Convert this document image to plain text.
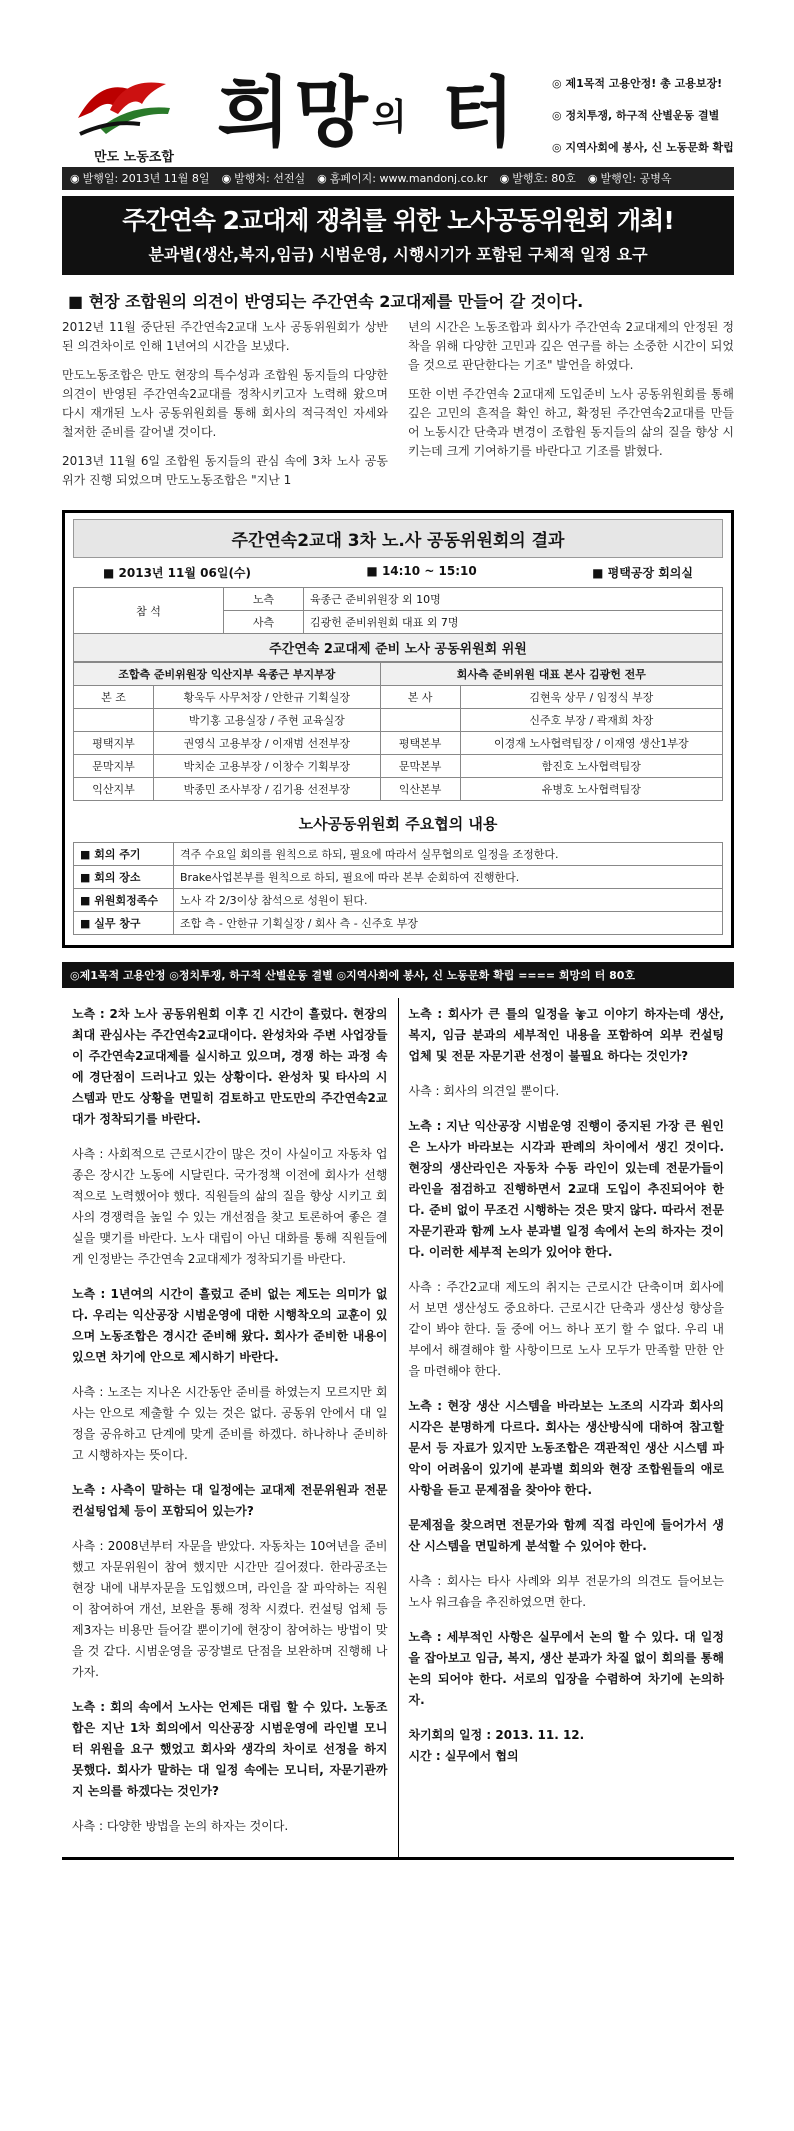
만도 노동조합
희망의 터	◎ 제1목적 고용안정! 총 고용보장!
◎ 정치투쟁, 하구적 산별운동 결별
◎ 지역사회에 봉사, 신 노동문화 확립
◉ 발행일: 2013년 11월 8일	◉ 발행처: 선전실	◉ 홈페이지: www.mandonj.co.kr	◉ 발행호: 80호	◉ 발행인: 공병옥
주간연속 2교대제 쟁취를 위한 노사공동위원회 개최!
분과별(생산,복지,임금) 시범운영, 시행시기가 포함된 구체적 일정 요구
■ 현장 조합원의 의견이 반영되는 주간연속 2교대제를 만들어 갈 것이다.

2012년 11월 중단된 주간연속2교대 노사 공동위원회가 상반된 의견차이로 인해 1년여의 시간을 보냈다.

만도노동조합은 만도 현장의 특수성과 조합원 동지들의 다양한 의견이 반영된 주간연속2교대를 정착시키고자 노력해 왔으며 다시 재개된 노사 공동위원회를 통해 회사의 적극적인 자세와 철저한 준비를 갈어낼 것이다.

2013년 11월 6일 조합원 동지들의 관심 속에 3차 노사 공동위가 진행 되었으며 만도노동조합은 "지난 1

년의 시간은 노동조합과 회사가 주간연속 2교대제의 안정된 정착을 위해 다양한 고민과 깊은 연구를 하는 소중한 시간이 되었을 것으로 판단한다는 기조" 발언을 하였다.

또한 이번 주간연속 2교대제 도입준비 노사 공동위원회를 통해 깊은 고민의 흔적을 확인 하고, 확정된 주간연속2교대를 만들어 노동시간 단축과 변경이 조합원 동지들의 삶의 질을 향상 시키는데 크게 기여하기를 바란다고 기조를 밝혔다.

주간연속2교대 3차 노.사 공동위원회의 결과
■ 2013년 11월 06일(수)	■ 14:10 ~ 15:10	■ 평택공장 회의실
참 석	노측	육종근 준비위원장 외 10명
	사측	김광헌 준비위원회 대표 외 7명
주간연속 2교대제 준비 노사 공동위원회 위원
조합측 준비위원장 익산지부 육종근 부지부장		회사측 준비위원 대표 본사 김광헌 전무	
본 조	황욱두 사무처장 / 안한규 기획실장	본 사	김현욱 상무 / 임정식 부장
	박기홍 고용실장 / 주현 교육실장		신주호 부장 / 곽재희 차장
평택지부	권영식 고용부장 / 이재범 선전부장	평택본부	이경재 노사협력팀장 / 이재영 생산1부장
문막지부	박치순 고용부장 / 이창수 기획부장	문막본부	함진호 노사협력팀장
익산지부	박종민 조사부장 / 김기용 선전부장	익산본부	유병호 노사협력팀장
노사공동위원회 주요협의 내용
■ 회의 주기	격주 수요일 회의를 원칙으로 하되, 필요에 따라서 실무협의로 일정을 조정한다.
■ 회의 장소	Brake사업본부를 원칙으로 하되, 필요에 따라 본부 순회하여 진행한다.
■ 위원회정족수	노사 각 2/3이상 참석으로 성원이 된다.
■ 실무 창구	조합 측 - 안한규 기획실장 / 회사 측 - 신주호 부장
◎제1목적 고용안정 ◎정치투쟁, 하구적 산별운동 결별 ◎지역사회에 봉사, 신 노동문화 확립 ==== 희망의 터 80호

노측 : 2차 노사 공동위원회 이후 긴 시간이 흘렀다. 현장의 최대 관심사는 주간연속2교대이다. 완성차와 주변 사업장들이 주간연속2교대제를 실시하고 있으며, 경쟁 하는 과정 속에 경단점이 드러나고 있는 상황이다. 완성차 및 타사의 시스템과 만도 상황을 면밀히 검토하고 만도만의 주간연속2교대가 정착되기를 바란다.

사측 : 사회적으로 근로시간이 많은 것이 사실이고 자동차 업종은 장시간 노동에 시달린다. 국가정책 이전에 회사가 선행적으로 노력했어야 했다. 직원들의 삶의 질을 향상 시키고 회사의 경쟁력을 높일 수 있는 개선점을 찾고 토론하여 좋은 결실을 맺기를 바란다. 노사 대립이 아닌 대화를 통해 직원들에게 인정받는 주간연속 2교대제가 정착되기를 바란다.

노측 : 1년여의 시간이 흘렀고 준비 없는 제도는 의미가 없다. 우리는 익산공장 시범운영에 대한 시행착오의 교훈이 있으며 노동조합은 경시간 준비해 왔다. 회사가 준비한 내용이 있으면 차기에 안으로 제시하기 바란다.

사측 : 노조는 지나온 시간동안 준비를 하였는지 모르지만 회사는 안으로 제출할 수 있는 것은 없다. 공동위 안에서 대 일정을 공유하고 단계에 맞게 준비를 하겠다. 하나하나 준비하고 시행하자는 뜻이다.

노측 : 사측이 말하는 대 일정에는 교대제 전문위원과 전문 컨설팅업체 등이 포함되어 있는가?

사측 : 2008년부터 자문을 받았다. 자동차는 10여년을 준비했고 자문위원이 참여 했지만 시간만 길어졌다. 한라공조는 현장 내에 내부자문을 도입했으며, 라인을 잘 파악하는 직원이 참여하여 개선, 보완을 통해 정착 시켰다. 컨설팅 업체 등 제3자는 비용만 들어갈 뿐이기에 현장이 참여하는 방법이 맞을 것 같다. 시범운영을 공장별로 단점을 보완하며 진행해 나가자.

노측 : 회의 속에서 노사는 언제든 대립 할 수 있다. 노동조합은 지난 1차 회의에서 익산공장 시범운영에 라인별 모니터 위원을 요구 했었고 회사와 생각의 차이로 선정을 하지 못했다. 회사가 말하는 대 일정 속에는 모니터, 자문기관까지 논의를 하겠다는 것인가?

사측 : 다양한 방법을 논의 하자는 것이다.

노측 : 회사가 큰 틀의 일정을 놓고 이야기 하자는데 생산, 복지, 임금 분과의 세부적인 내용을 포함하여 외부 컨설팅 업체 및 전문 자문기관 선정이 불필요 하다는 것인가?

사측 : 회사의 의견일 뿐이다.

노측 : 지난 익산공장 시범운영 진행이 중지된 가장 큰 원인은 노사가 바라보는 시각과 판례의 차이에서 생긴 것이다. 현장의 생산라인은 자동차 수동 라인이 있는데 전문가들이 라인을 점검하고 진행하면서 2교대 도입이 추진되어야 한다. 준비 없이 무조건 시행하는 것은 맞지 않다. 따라서 전문 자문기관과 함께 노사 분과별 일정 속에서 논의 하자는 것이다. 이러한 세부적 논의가 있어야 한다.

사측 : 주간2교대 제도의 취지는 근로시간 단축이며 회사에서 보면 생산성도 중요하다. 근로시간 단축과 생산성 향상을 같이 봐야 한다. 둘 중에 어느 하나 포기 할 수 없다. 우리 내부에서 해결해야 할 사항이므로 노사 모두가 만족할 만한 안을 마련해야 한다.

노측 : 현장 생산 시스템을 바라보는 노조의 시각과 회사의 시각은 분명하게 다르다. 회사는 생산방식에 대하여 참고할 문서 등 자료가 있지만 노동조합은 객관적인 생산 시스템 파악이 어려움이 있기에 분과별 회의와 현장 조합원들의 애로사항을 듣고 문제점을 찾아야 한다.

문제점을 찾으려면 전문가와 함께 직접 라인에 들어가서 생산 시스템을 면밀하게 분석할 수 있어야 한다.

사측 : 회사는 타사 사례와 외부 전문가의 의견도 들어보는 노사 워크숍을 추진하였으면 한다.

노측 : 세부적인 사항은 실무에서 논의 할 수 있다. 대 일정을 잡아보고 임금, 복지, 생산 분과가 차질 없이 회의를 통해 논의 되어야 한다. 서로의 입장을 수렴하여 차기에 논의하자.

차기회의 일정 : 2013. 11. 12.
시간 : 실무에서 협의
